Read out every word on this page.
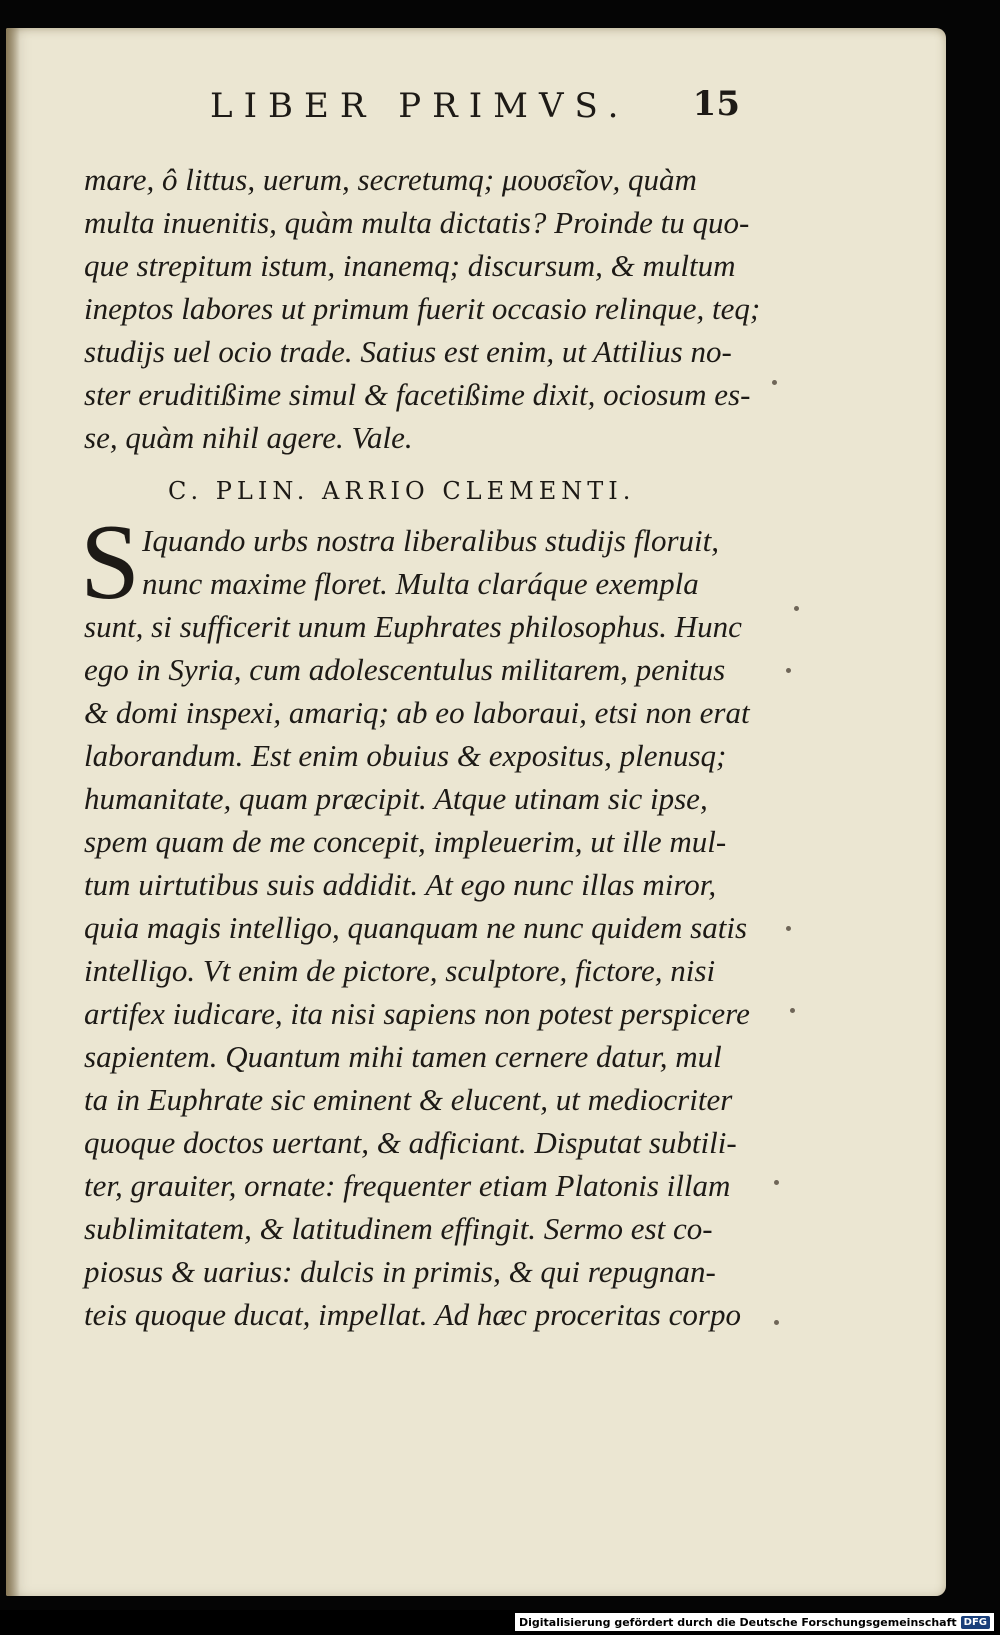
LIBER PRIMVS. 15
mare, ô littus, uerum, secretumq; μουσεῖον, quàm
multa inuenitis, quàm multa dictatis? Proinde tu quo-
que strepitum istum, inanemq; discursum, & multum
ineptos labores ut primum fuerit occasio relinque, teq;
studijs uel ocio trade. Satius est enim, ut Attilius no-
ster eruditißime simul & facetißime dixit, ociosum es-
se, quàm nihil agere. Vale.
C. PLIN. ARRIO CLEMENTI.
S Iquando urbs nostra liberalibus studijs floruit,
nunc maxime floret. Multa claráque exempla
sunt, si sufficerit unum Euphrates philosophus. Hunc
ego in Syria, cum adolescentulus militarem, penitus
& domi inspexi, amariq; ab eo laboraui, etsi non erat
laborandum. Est enim obuius & expositus, plenusq;
humanitate, quam præcipit. Atque utinam sic ipse,
spem quam de me concepit, impleuerim, ut ille mul-
tum uirtutibus suis addidit. At ego nunc illas miror,
quia magis intelligo, quanquam ne nunc quidem satis
intelligo. Vt enim de pictore, sculptore, fictore, nisi
artifex iudicare, ita nisi sapiens non potest perspicere
sapientem. Quantum mihi tamen cernere datur, mul
ta in Euphrate sic eminent & elucent, ut mediocriter
quoque doctos uertant, & adficiant. Disputat subtili-
ter, grauiter, ornate: frequenter etiam Platonis illam
sublimitatem, & latitudinem effingit. Sermo est co-
piosus & uarius: dulcis in primis, & qui repugnan-
teis quoque ducat, impellat. Ad hæc proceritas corpo
Digitalisierung gefördert durch die Deutsche Forschungsgemeinschaft DFG
